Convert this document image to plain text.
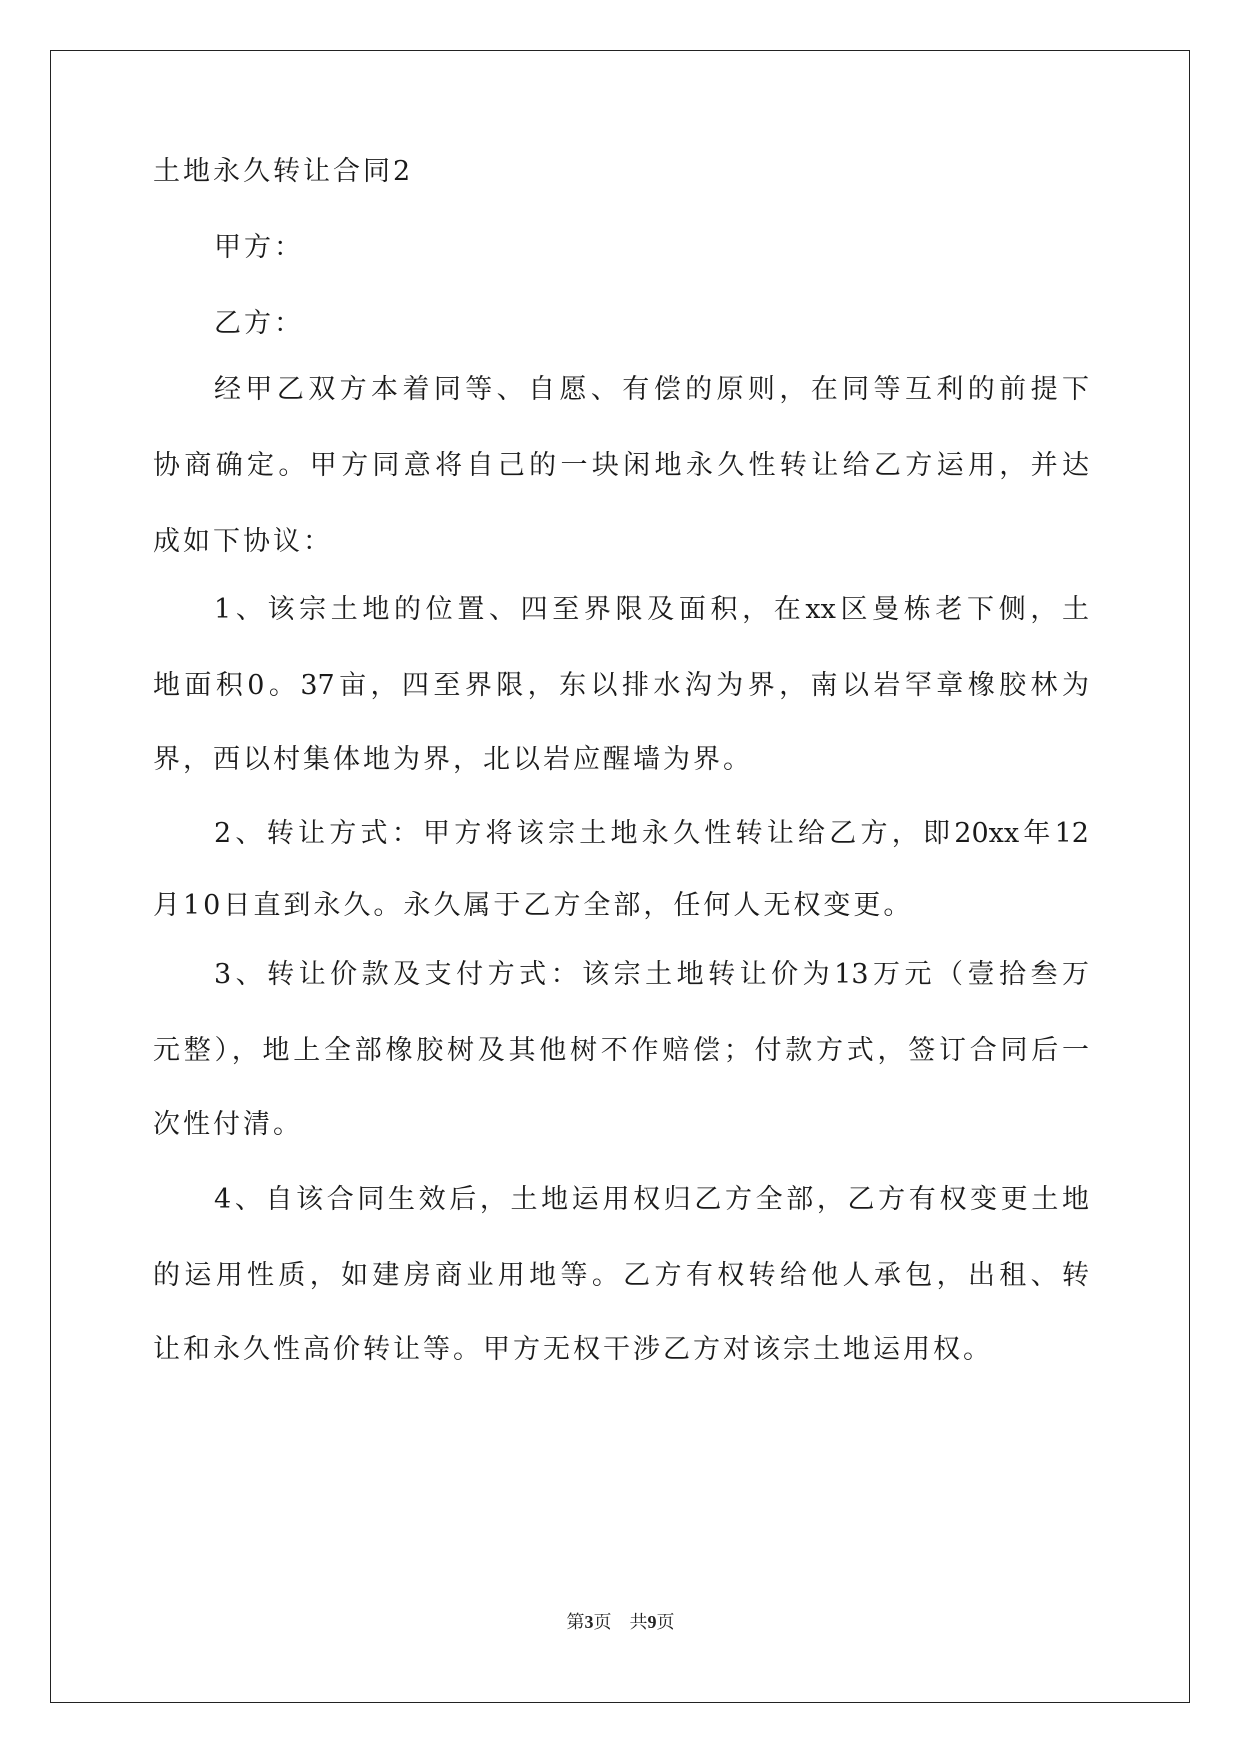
土地永久转让合同2
甲方：
乙方：
经甲乙双方本着同等、自愿、有偿的原则，在同等互利的前提下
协商确定。甲方同意将自己的一块闲地永久性转让给乙方运用，并达
成如下协议：
1、该宗土地的位置、四至界限及面积，在xx区曼栋老下侧，土
地面积0。37亩，四至界限，东以排水沟为界，南以岩罕章橡胶林为
界，西以村集体地为界，北以岩应醒墙为界。
2、转让方式：甲方将该宗土地永久性转让给乙方，即20xx年12
月10日直到永久。永久属于乙方全部，任何人无权变更。
3、转让价款及支付方式：该宗土地转让价为13万元（壹拾叁万
元整），地上全部橡胶树及其他树不作赔偿；付款方式，签订合同后一
次性付清。
4、自该合同生效后，土地运用权归乙方全部，乙方有权变更土地
的运用性质，如建房商业用地等。乙方有权转给他人承包，出租、转
让和永久性高价转让等。甲方无权干涉乙方对该宗土地运用权。
第3页　共9页
